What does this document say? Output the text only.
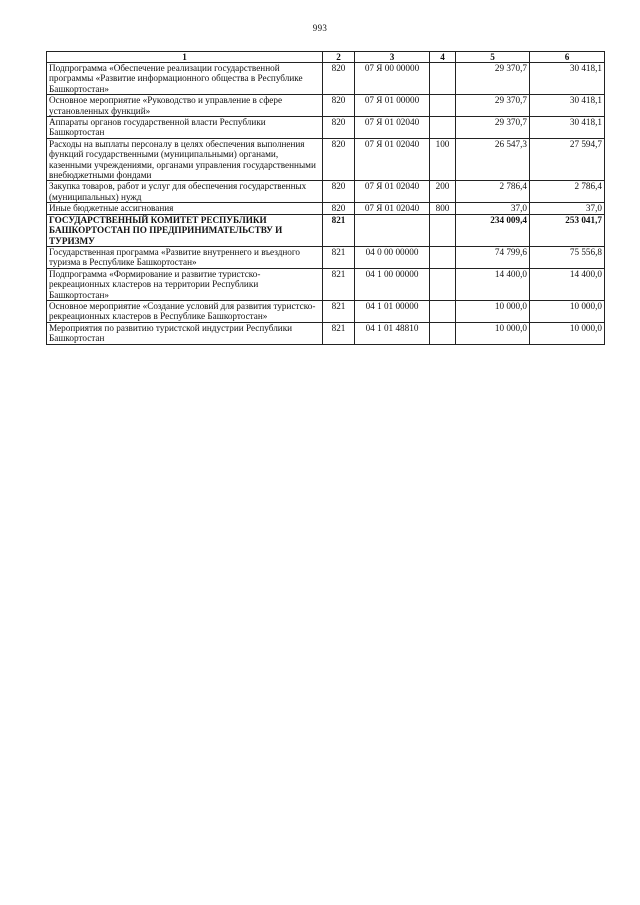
993
1	2	3	4	5	6
Подпрограмма «Обеспечение реализации государственной программы «Развитие информационного общества в Республике Башкортостан»	820	07 Я 00 00000		29 370,7	30 418,1
Основное мероприятие «Руководство и управление в сфере установленных функций»	820	07 Я 01 00000		29 370,7	30 418,1
Аппараты органов государственной власти Республики Башкортостан	820	07 Я 01 02040		29 370,7	30 418,1
Расходы на выплаты персоналу в целях обеспечения выполнения функций государственными (муниципальными) органами, казенными учреждениями, органами управления государственными внебюджетными фондами	820	07 Я 01 02040	100	26 547,3	27 594,7
Закупка товаров, работ и услуг для обеспечения государственных (муниципальных) нужд	820	07 Я 01 02040	200	2 786,4	2 786,4
Иные бюджетные ассигнования	820	07 Я 01 02040	800	37,0	37,0
ГОСУДАРСТВЕННЫЙ КОМИТЕТ РЕСПУБЛИКИ БАШКОРТОСТАН ПО ПРЕДПРИНИМАТЕЛЬСТВУ И ТУРИЗМУ	821			234 009,4	253 041,7
Государственная программа «Развитие внутреннего и въездного туризма в Республике Башкортостан»	821	04 0 00 00000		74 799,6	75 556,8
Подпрограмма «Формирование и развитие туристско-рекреационных кластеров на территории Республики Башкортостан»	821	04 1 00 00000		14 400,0	14 400,0
Основное мероприятие «Создание условий для развития туристско-рекреационных кластеров в Республике Башкортостан»	821	04 1 01 00000		10 000,0	10 000,0
Мероприятия по развитию туристской индустрии Республики Башкортостан	821	04 1 01 48810		10 000,0	10 000,0
